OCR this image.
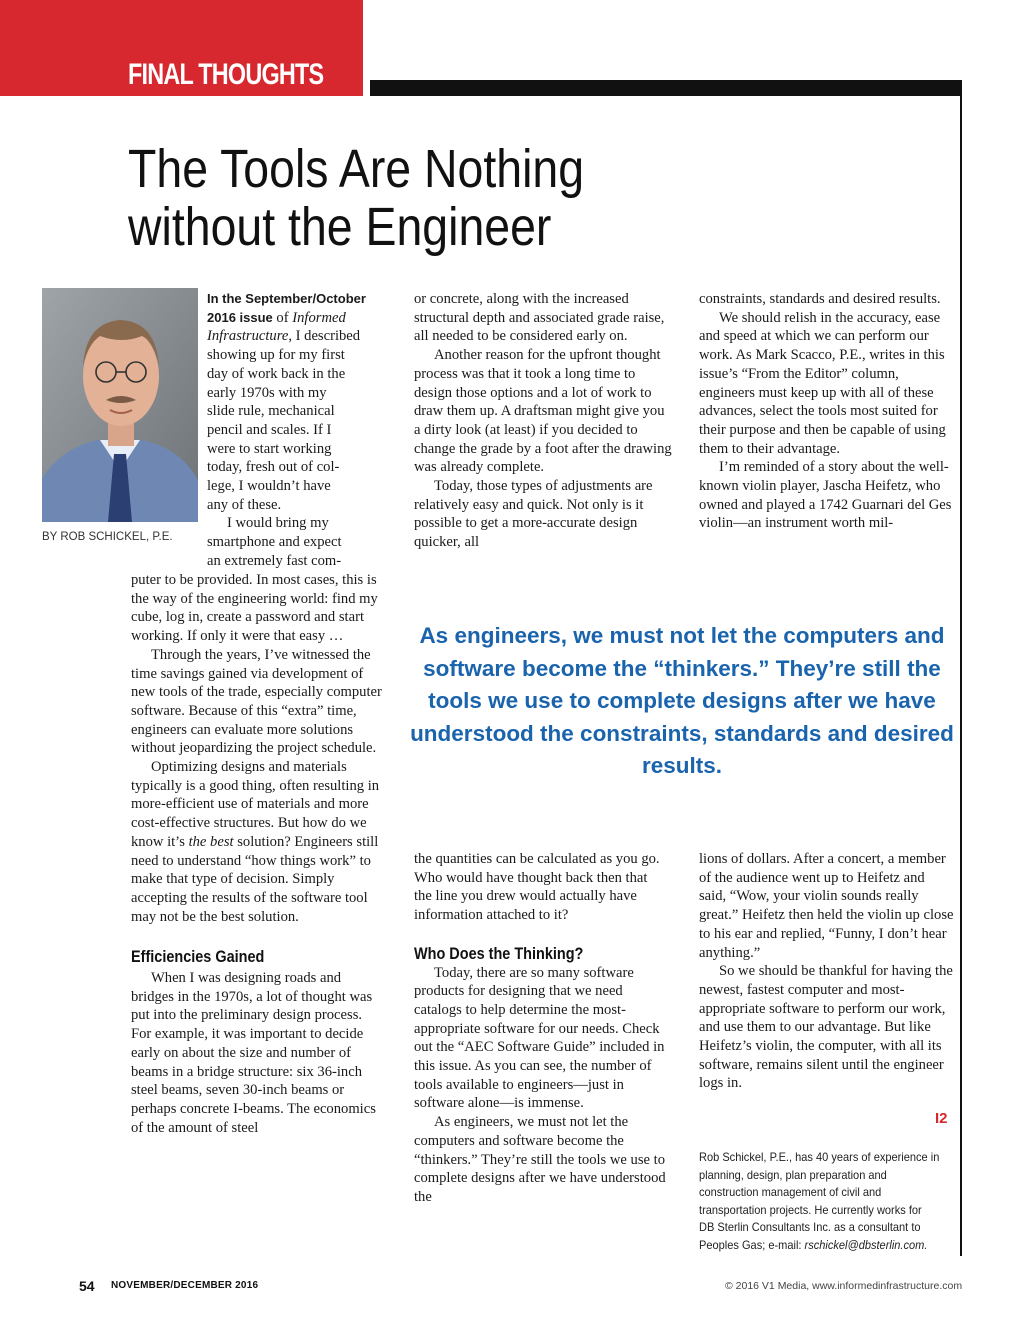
FINAL THOUGHTS
The Tools Are Nothing
without the Engineer
BY ROB SCHICKEL, P.E.
In the September/October
2016 issue of Informed
Infrastructure, I described
showing up for my first
day of work back in the
early 1970s with my
slide rule, mechanical
pencil and scales. If I
were to start working
today, fresh out of col-
lege, I wouldn’t have
any of these.
I would bring my
smartphone and expect
an extremely fast com-

puter to be provided. In most cases, this is the way of the engineering world: find my cube, log in, create a password and start working. If only it were that easy …

Through the years, I’ve witnessed the time savings gained via development of new tools of the trade, especially computer software. Because of this “extra” time, engineers can evaluate more solutions without jeopardizing the project schedule.

Optimizing designs and materials typically is a good thing, often resulting in more-efficient use of materials and more cost-effective structures. But how do we know it’s the best solution? Engineers still need to understand “how things work” to make that type of decision. Simply accepting the results of the software tool may not be the best solution.

Efficiencies Gained

When I was designing roads and bridges in the 1970s, a lot of thought was put into the preliminary design process. For example, it was important to decide early on about the size and number of beams in a bridge structure: six 36-inch steel beams, seven 30-inch beams or perhaps concrete I-beams. The economics of the amount of steel

or concrete, along with the increased structural depth and associated grade raise, all needed to be considered early on.

Another reason for the upfront thought process was that it took a long time to design those options and a lot of work to draw them up. A draftsman might give you a dirty look (at least) if you decided to change the grade by a foot after the drawing was already complete.

Today, those types of adjustments are relatively easy and quick. Not only is it possible to get a more-accurate design quicker, all

constraints, standards and desired results.

We should relish in the accuracy, ease and speed at which we can perform our work. As Mark Scacco, P.E., writes in this issue’s “From the Editor” column, engineers must keep up with all of these advances, select the tools most suited for their purpose and then be capable of using them to their advantage.

I’m reminded of a story about the well-known violin player, Jascha Heifetz, who owned and played a 1742 Guarnari del Ges violin—an instrument worth mil-

As engineers, we must not let the computers and software become the “thinkers.” They’re still the tools we use to complete designs after we have understood the constraints, standards and desired results.

the quantities can be calculated as you go. Who would have thought back then that the line you drew would actually have information attached to it?

Who Does the Thinking?

Today, there are so many software products for designing that we need catalogs to help determine the most-appropriate software for our needs. Check out the “AEC Software Guide” included in this issue. As you can see, the number of tools available to engineers—just in software alone—is immense.

As engineers, we must not let the computers and software become the “thinkers.” They’re still the tools we use to complete designs after we have understood the

lions of dollars. After a concert, a member of the audience went up to Heifetz and said, “Wow, your violin sounds really great.” Heifetz then held the violin up close to his ear and replied, “Funny, I don’t hear anything.”

So we should be thankful for having the newest, fastest computer and most-appropriate software to perform our work, and use them to our advantage. But like Heifetz’s violin, the computer, with all its software, remains silent until the engineer logs in.

I2
Rob Schickel, P.E., has 40 years of experience in planning, design, plan preparation and construction management of civil and transportation projects. He currently works for DB Sterlin Consultants Inc. as a consultant to Peoples Gas; e-mail: rschickel@dbsterlin.com.
54 NOVEMBER/DECEMBER 2016	© 2016 V1 Media, www.informedinfrastructure.com
